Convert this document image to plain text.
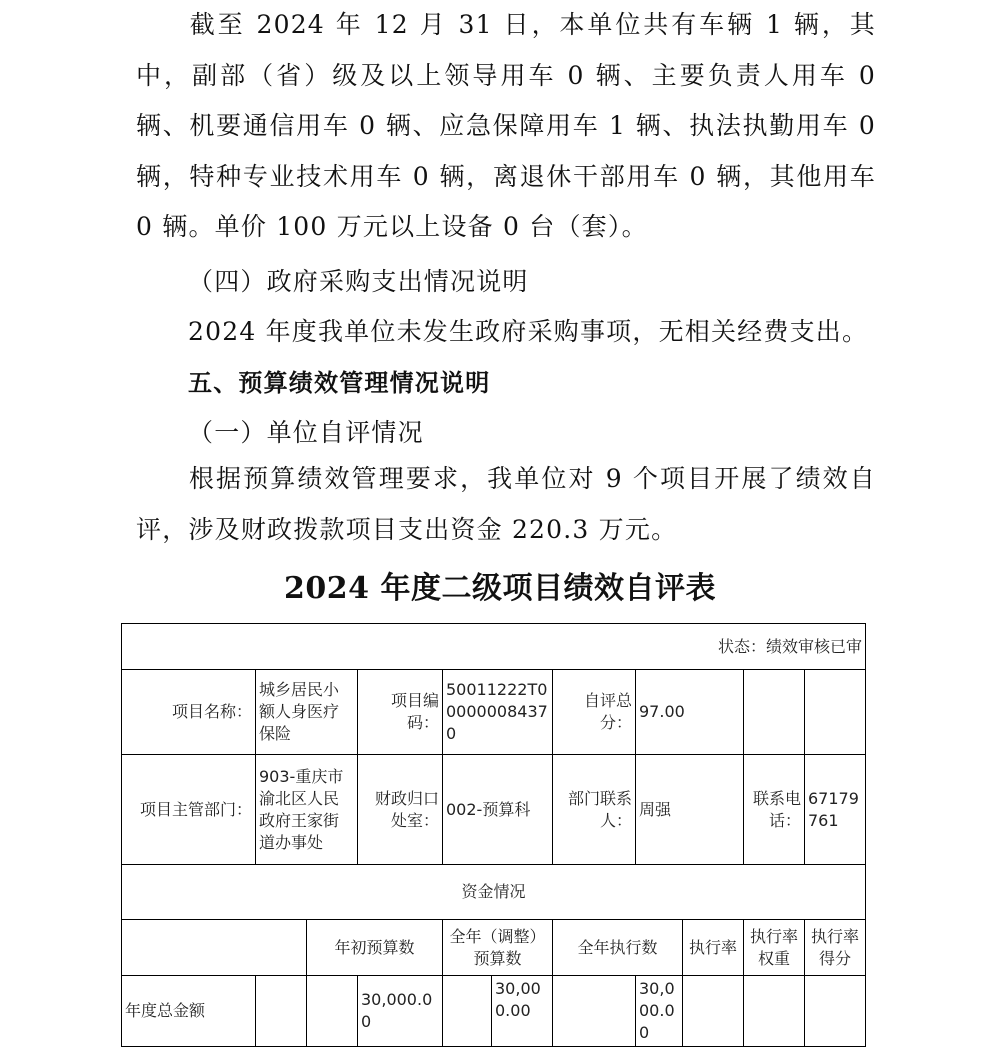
截至 2024 年 12 月 31 日，本单位共有车辆 1 辆，其中，副部（省）级及以上领导用车 0 辆、主要负责人用车 0 辆、机要通信用车 0 辆、应急保障用车 1 辆、执法执勤用车 0 辆，特种专业技术用车 0 辆，离退休干部用车 0 辆，其他用车 0 辆。单价 100 万元以上设备 0 台（套）。

（四）政府采购支出情况说明

2024 年度我单位未发生政府采购事项，无相关经费支出。

五、预算绩效管理情况说明

（一）单位自评情况

根据预算绩效管理要求，我单位对 9 个项目开展了绩效自评，涉及财政拨款项目支出资金 220.3 万元。

2024 年度二级项目绩效自评表
状态：绩效审核已审										
项目名称：	城乡居民小额人身医疗保险		项目编码：	50011222T000000084370		自评总分：	97.00			
项目主管部门：	903-重庆市渝北区人民政府王家街道办事处		财政归口处室：	002-预算科		部门联系人：	周强		联系电话：	67179761
资金情况										
		年初预算数		全年（调整）预算数		全年执行数		执行率	执行率权重	执行率得分
年度总金额			30,000.00		30,000.00		30,000.00			
